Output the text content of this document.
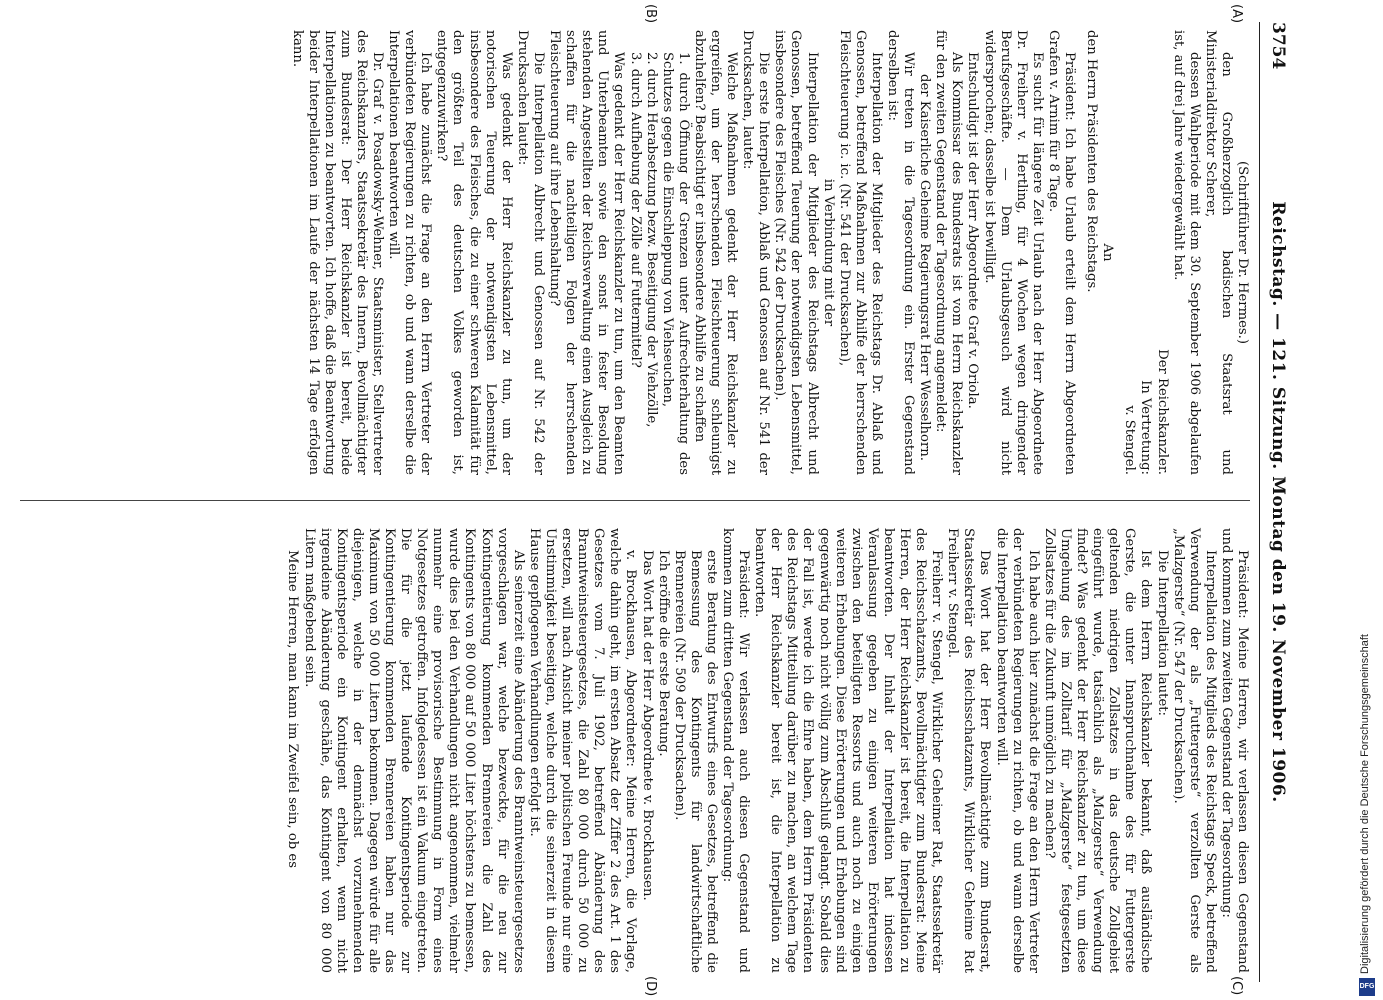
3754
Reichstag. — 121. Sitzung. Montag den 19. November 1906.
(A)
(B)
(C)
(D)

(Schriftführer Dr. Hermes.)

den Großherzoglich badischen Staatsrat und Ministerialdirektor Scherer,

dessen Wahlperiode mit dem 30. September 1906 abgelaufen ist, auf drei Jahre wiedergewählt hat.

Der Reichskanzler.

In Vertretung:

v. Stengel.

An

den Herrn Präsidenten des Reichstags.

Präsident: Ich habe Urlaub erteilt dem Herrn Abgeordneten Grafen v. Arnim für 8 Tage.

Es sucht für längere Zeit Urlaub nach der Herr Abgeordnete Dr. Freiherr v. Hertling, für 4 Wochen wegen dringender Berufsgeschäfte. — Dem Urlaubsgesuch wird nicht widersprochen; dasselbe ist bewilligt.

Entschuldigt ist der Herr Abgeordnete Graf v. Oriola.

Als Kommissar des Bundesrats ist vom Herrn Reichskanzler für den zweiten Gegenstand der Tagesordnung angemeldet:

der Kaiserliche Geheime Regierungsrat Herr Wesselhorn.

Wir treten in die Tagesordnung ein. Erster Gegenstand derselben ist:

Interpellation der Mitglieder des Reichstags Dr. Ablaß und Genossen, betreffend Maßnahmen zur Abhilfe der herrschenden Fleischteuerung ic. ic. (Nr. 541 der Drucksachen),

in Verbindung mit der

Interpellation der Mitglieder des Reichstags Albrecht und Genossen, betreffend Teuerung der notwendigsten Lebensmittel, insbesondere des Fleisches (Nr. 542 der Drucksachen).

Die erste Interpellation, Ablaß und Genossen auf Nr. 541 der Drucksachen, lautet:

Welche Maßnahmen gedenkt der Herr Reichskanzler zu ergreifen, um der herrschenden Fleischteuerung schleunigst abzuhelfen? Beabsichtigt er insbesondere Abhilfe zu schaffen

1. durch Öffnung der Grenzen unter Aufrechterhaltung des Schutzes gegen die Einschleppung von Viehseuchen,

2. durch Herabsetzung bezw. Beseitigung der Viehzölle,

3. durch Aufhebung der Zölle auf Futtermittel?

Was gedenkt der Herr Reichskanzler zu tun, um den Beamten und Unterbeamten sowie den sonst in fester Besoldung stehenden Angestellten der Reichsverwaltung einen Ausgleich zu schaffen für die nachteiligen Folgen der herrschenden Fleischteuerung auf ihre Lebenshaltung?

Die Interpellation Albrecht und Genossen auf Nr. 542 der Drucksachen lautet:

Was gedenkt der Herr Reichskanzler zu tun, um der notorischen Teuerung der notwendigsten Lebensmittel, insbesondere des Fleisches, die zu einer schweren Kalamität für den größten Teil des deutschen Volkes geworden ist, entgegenzuwirken?

Ich habe zunächst die Frage an den Herrn Vertreter der verbündeten Regierungen zu richten, ob und wann derselbe die Interpellationen beantworten will.

Dr. Graf v. Posadowsky-Wehner, Staatsminister, Stellvertreter des Reichskanzlers, Staatssekretär des Innern, Bevollmächtigter zum Bundesrat: Der Herr Reichskanzler ist bereit, beide Interpellationen zu beantworten. Ich hoffe, daß die Beantwortung beider Interpellationen im Laufe der nächsten 14 Tage erfolgen kann.

Präsident: Meine Herren, wir verlassen diesen Gegenstand und kommen zum zweiten Gegenstand der Tagesordnung:

Interpellation des Mitglieds des Reichstags Speck, betreffend Verwendung der als „Futtergerste“ verzollten Gerste als „Malzgerste“ (Nr. 547 der Drucksachen).

Die Interpellation lautet:

Ist dem Herrn Reichskanzler bekannt, daß ausländische Gerste, die unter Inanspruchnahme des für Futtergerste geltenden niedrigen Zollsatzes in das deutsche Zollgebiet eingeführt wurde, tatsächlich als „Malzgerste“ Verwendung findet? Was gedenkt der Herr Reichskanzler zu tun, um diese Umgehung des im Zolltarif für „Malzgerste“ festgesetzten Zollsatzes für die Zukunft unmöglich zu machen?

Ich habe auch hier zunächst die Frage an den Herrn Vertreter der verbündeten Regierungen zu richten, ob und wann derselbe die Interpellation beantworten will.

Das Wort hat der Herr Bevollmächtigte zum Bundesrat, Staatssekretär des Reichsschatzamts, Wirklicher Geheime Rat Freiherr v. Stengel.

Freiherr v. Stengel, Wirklicher Geheimer Rat, Staatssekretär des Reichsschatzamts, Bevollmächtigter zum Bundesrat: Meine Herren, der Herr Reichskanzler ist bereit, die Interpellation zu beantworten. Der Inhalt der Interpellation hat indessen Veranlassung gegeben zu einigen weiteren Erörterungen zwischen den beteiligten Ressorts und auch noch zu einigen weiteren Erhebungen. Diese Erörterungen und Erhebungen sind gegenwärtig noch nicht völlig zum Abschluß gelangt. Sobald dies der Fall ist, werde ich die Ehre haben, dem Herrn Präsidenten des Reichstags Mitteilung darüber zu machen, an welchem Tage der Herr Reichskanzler bereit ist, die Interpellation zu beantworten.

Präsident: Wir verlassen auch diesen Gegenstand und kommen zum dritten Gegenstand der Tagesordnung:

erste Beratung des Entwurfs eines Gesetzes, betreffend die Bemessung des Kontingents für landwirtschaftliche Brennereien (Nr. 509 der Drucksachen).

Ich eröffne die erste Beratung.

Das Wort hat der Herr Abgeordnete v. Brockhausen.

v. Brockhausen, Abgeordneter: Meine Herren, die Vorlage, welche dahin geht, im ersten Absatz der Ziffer 2 des Art. 1 des Gesetzes vom 7. Juli 1902, betreffend Abänderung des Branntweinsteuergesetzes, die Zahl 80 000 durch 50 000 zu ersetzen, will nach Ansicht meiner politischen Freunde nur eine Unstimmigkeit beseitigen, welche durch die seinerzeit in diesem Hause gepflogenen Verhandlungen erfolgt ist.

Als seinerzeit eine Abänderung des Branntweinsteuergesetzes vorgeschlagen war, welche bezweckte, für die neu zur Kontingentierung kommenden Brennereien die Zahl des Kontingents von 80 000 auf 50 000 Liter höchstens zu bemessen, wurde dies bei den Verhandlungen nicht angenommen, vielmehr nunmehr eine provisorische Bestimmung in Form eines Notgesetzes getroffen. Infolgedessen ist ein Vakuum eingetreten. Die für die jetzt laufende Kontingentsperiode zur Kontingentierung kommenden Brennereien haben nur das Maximum von 50 000 Litern bekommen. Dagegen würde für alle diejenigen, welche in der demnächst vorzunehmenden Kontingentsperiode ein Kontingent erhalten, wenn nicht irgendeine Abänderung geschähe, das Kontingent von 80 000 Litern maßgebend sein.

Meine Herren, man kann im Zweifel sein, ob es	Digitalisierung gefördert durch die Deutsche Forschungsgemeinschaft
DFG
